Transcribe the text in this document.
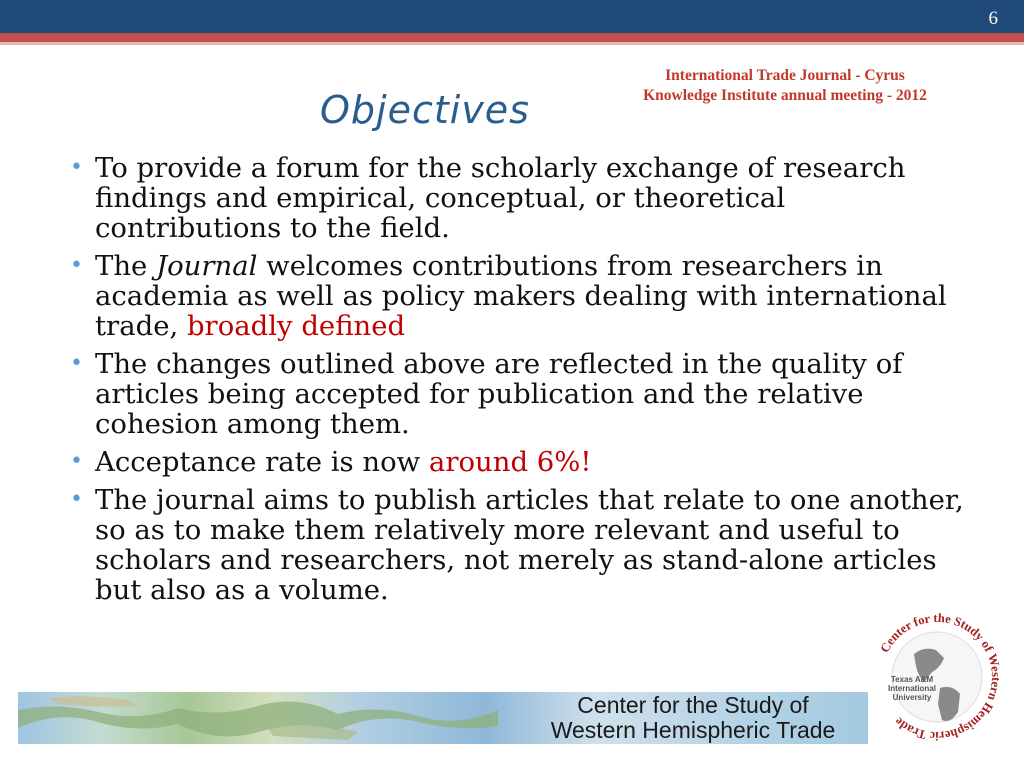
6
International Trade Journal - Cyrus
Knowledge Institute annual meeting - 2012
Objectives
• To provide a forum for the scholarly exchange of research findings and empirical, conceptual, or theoretical contributions to the field.
• The Journal welcomes contributions from researchers in academia as well as policy makers dealing with international trade, broadly defined
• The changes outlined above are reflected in the quality of articles being accepted for publication and the relative cohesion among them.
• Acceptance rate is now around 6%!
• The journal aims to publish articles that relate to one another, so as to make them relatively more relevant and useful to scholars and researchers, not merely as stand-alone articles but also as a volume.
Center for the Study of
Western Hemispheric Trade
Center for the Study of Western Hemispheric Trade
Texas A&M
International
University
